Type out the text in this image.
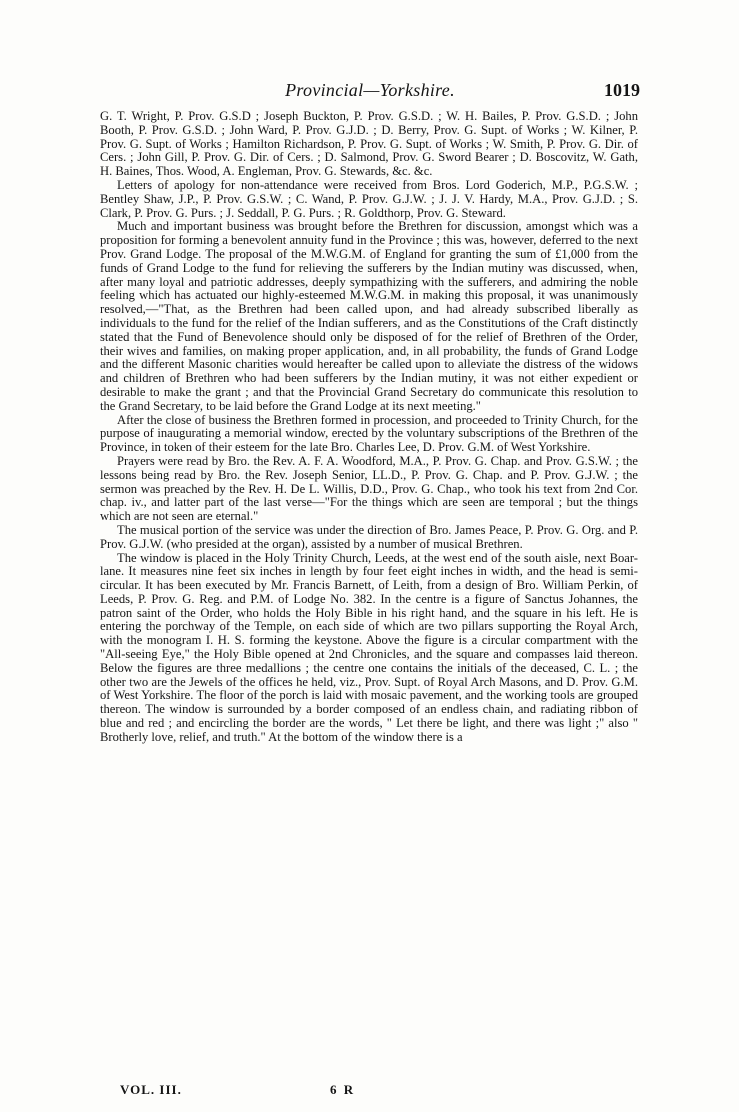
Provincial—Yorkshire.	1019

G. T. Wright, P. Prov. G.S.D ; Joseph Buckton, P. Prov. G.S.D. ; W. H. Bailes, P. Prov. G.S.D. ; John Booth, P. Prov. G.S.D. ; John Ward, P. Prov. G.J.D. ; D. Berry, Prov. G. Supt. of Works ; W. Kilner, P. Prov. G. Supt. of Works ; Hamilton Richardson, P. Prov. G. Supt. of Works ; W. Smith, P. Prov. G. Dir. of Cers. ; John Gill, P. Prov. G. Dir. of Cers. ; D. Salmond, Prov. G. Sword Bearer ; D. Boscovitz, W. Gath, H. Baines, Thos. Wood, A. Engleman, Prov. G. Stewards, &c. &c.

Letters of apology for non-attendance were received from Bros. Lord Goderich, M.P., P.G.S.W. ; Bentley Shaw, J.P., P. Prov. G.S.W. ; C. Wand, P. Prov. G.J.W. ; J. J. V. Hardy, M.A., Prov. G.J.D. ; S. Clark, P. Prov. G. Purs. ; J. Seddall, P. G. Purs. ; R. Goldthorp, Prov. G. Steward.

Much and important business was brought before the Brethren for discussion, amongst which was a proposition for forming a benevolent annuity fund in the Province ; this was, however, deferred to the next Prov. Grand Lodge. The proposal of the M.W.G.M. of England for granting the sum of £1,000 from the funds of Grand Lodge to the fund for relieving the sufferers by the Indian mutiny was discussed, when, after many loyal and patriotic addresses, deeply sympathizing with the sufferers, and admiring the noble feeling which has actuated our highly-esteemed M.W.G.M. in making this proposal, it was unanimously resolved,—"That, as the Brethren had been called upon, and had already subscribed liberally as individuals to the fund for the relief of the Indian sufferers, and as the Constitutions of the Craft distinctly stated that the Fund of Benevolence should only be disposed of for the relief of Brethren of the Order, their wives and families, on making proper application, and, in all probability, the funds of Grand Lodge and the different Masonic charities would hereafter be called upon to alleviate the distress of the widows and children of Brethren who had been sufferers by the Indian mutiny, it was not either expedient or desirable to make the grant ; and that the Provincial Grand Secretary do communicate this resolution to the Grand Secretary, to be laid before the Grand Lodge at its next meeting."

After the close of business the Brethren formed in procession, and proceeded to Trinity Church, for the purpose of inaugurating a memorial window, erected by the voluntary subscriptions of the Brethren of the Province, in token of their esteem for the late Bro. Charles Lee, D. Prov. G.M. of West Yorkshire.

Prayers were read by Bro. the Rev. A. F. A. Woodford, M.A., P. Prov. G. Chap. and Prov. G.S.W. ; the lessons being read by Bro. the Rev. Joseph Senior, LL.D., P. Prov. G. Chap. and P. Prov. G.J.W. ; the sermon was preached by the Rev. H. De L. Willis, D.D., Prov. G. Chap., who took his text from 2nd Cor. chap. iv., and latter part of the last verse—"For the things which are seen are temporal ; but the things which are not seen are eternal."

The musical portion of the service was under the direction of Bro. James Peace, P. Prov. G. Org. and P. Prov. G.J.W. (who presided at the organ), assisted by a number of musical Brethren.

The window is placed in the Holy Trinity Church, Leeds, at the west end of the south aisle, next Boar-lane. It measures nine feet six inches in length by four feet eight inches in width, and the head is semi-circular. It has been executed by Mr. Francis Barnett, of Leith, from a design of Bro. William Perkin, of Leeds, P. Prov. G. Reg. and P.M. of Lodge No. 382. In the centre is a figure of Sanctus Johannes, the patron saint of the Order, who holds the Holy Bible in his right hand, and the square in his left. He is entering the porchway of the Temple, on each side of which are two pillars supporting the Royal Arch, with the monogram I. H. S. forming the keystone. Above the figure is a circular compartment with the "All-seeing Eye," the Holy Bible opened at 2nd Chronicles, and the square and compasses laid thereon. Below the figures are three medallions ; the centre one contains the initials of the deceased, C. L. ; the other two are the Jewels of the offices he held, viz., Prov. Supt. of Royal Arch Masons, and D. Prov. G.M. of West Yorkshire. The floor of the porch is laid with mosaic pavement, and the working tools are grouped thereon. The window is surrounded by a border composed of an endless chain, and radiating ribbon of blue and red ; and encircling the border are the words, " Let there be light, and there was light ;" also " Brotherly love, relief, and truth." At the bottom of the window there is a

VOL. III.	6 R
